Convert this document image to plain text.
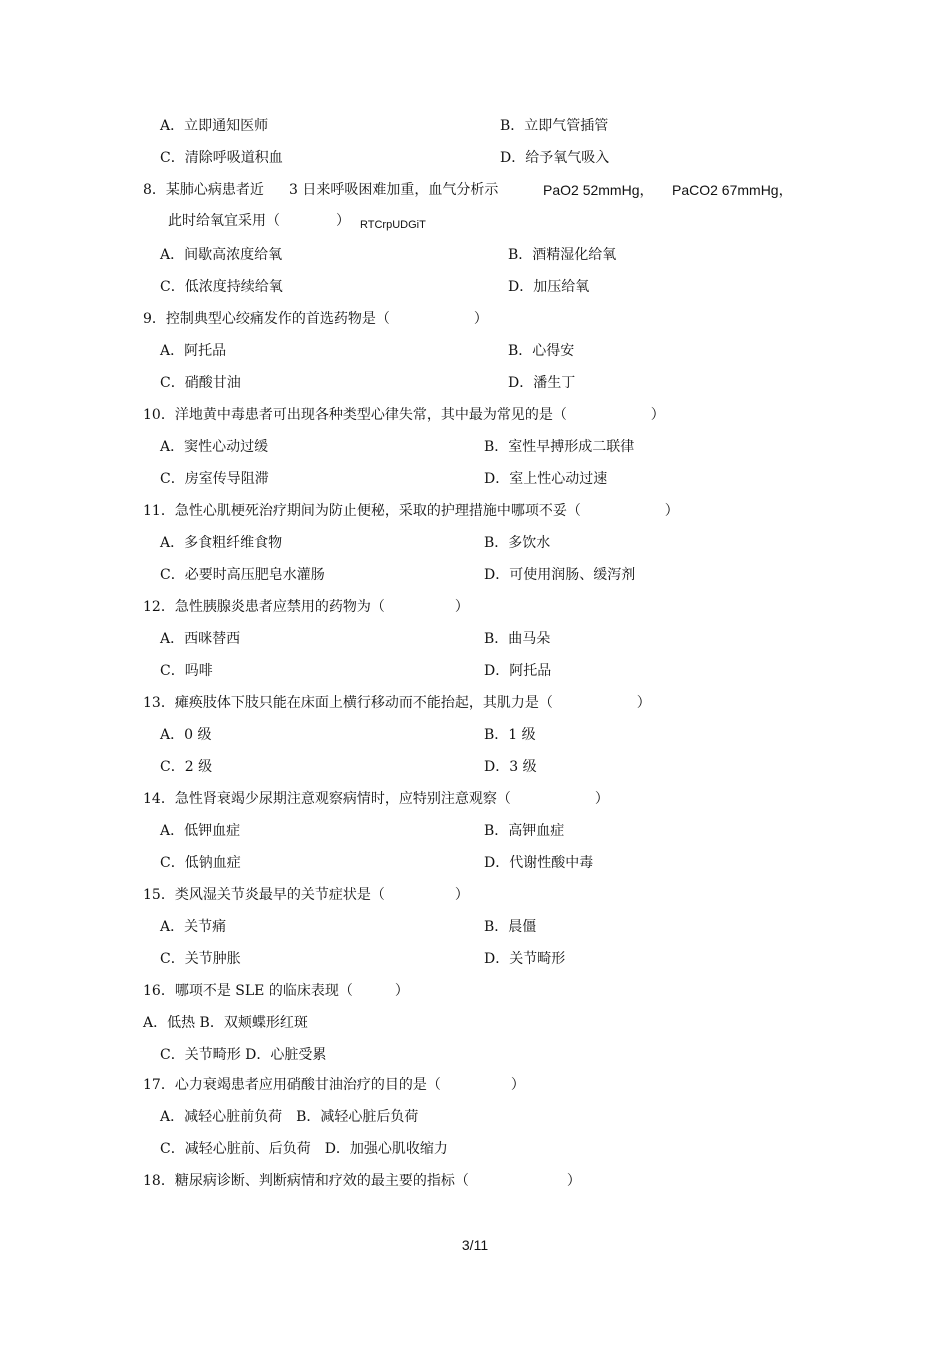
A．立即通知医师	B．立即气管插管
C．清除呼吸道积血	D．给予氧气吸入
8．某肺心病患者近 3 日来呼吸困难加重，血气分析示	PaO2 52mmHg， PaCO2 67mmHg，
此时给氧宜采用（　　　　） RTCrpUDGiT
A．间歇高浓度给氧	B．酒精湿化给氧
C．低浓度持续给氧	D．加压给氧
9．控制典型心绞痛发作的首选药物是（　　　　　　）
A．阿托品	B．心得安
C．硝酸甘油	D．潘生丁
10．洋地黄中毒患者可出现各种类型心律失常，其中最为常见的是（　　　　　　）
A．窦性心动过缓	B．室性早搏形成二联律
C．房室传导阻滞	D．室上性心动过速
11．急性心肌梗死治疗期间为防止便秘，采取的护理措施中哪项不妥（　　　　　　）
A．多食粗纤维食物	B．多饮水
C．必要时高压肥皂水灌肠	D．可使用润肠、缓泻剂
12．急性胰腺炎患者应禁用的药物为（　　　　　）
A．西咪替西	B．曲马朵
C．吗啡	D．阿托品
13．瘫痪肢体下肢只能在床面上横行移动而不能抬起，其肌力是（　　　　　　）
A．0 级	B．1 级
C．2 级	D．3 级
14．急性肾衰竭少尿期注意观察病情时，应特别注意观察（　　　　　　）
A．低钾血症	B．高钾血症
C．低钠血症	D．代谢性酸中毒
15．类风湿关节炎最早的关节症状是（　　　　　）
A．关节痛	B．晨僵
C．关节肿胀	D．关节畸形
16．哪项不是 SLE 的临床表现（　　　）
A．低热 B．双颊蝶形红斑
C．关节畸形 D．心脏受累
17．心力衰竭患者应用硝酸甘油治疗的目的是（　　　　　）
A．减轻心脏前负荷　B．减轻心脏后负荷
C．减轻心脏前、后负荷　D．加强心肌收缩力
18．糖尿病诊断、判断病情和疗效的最主要的指标（　　　　　　　）
3/11
